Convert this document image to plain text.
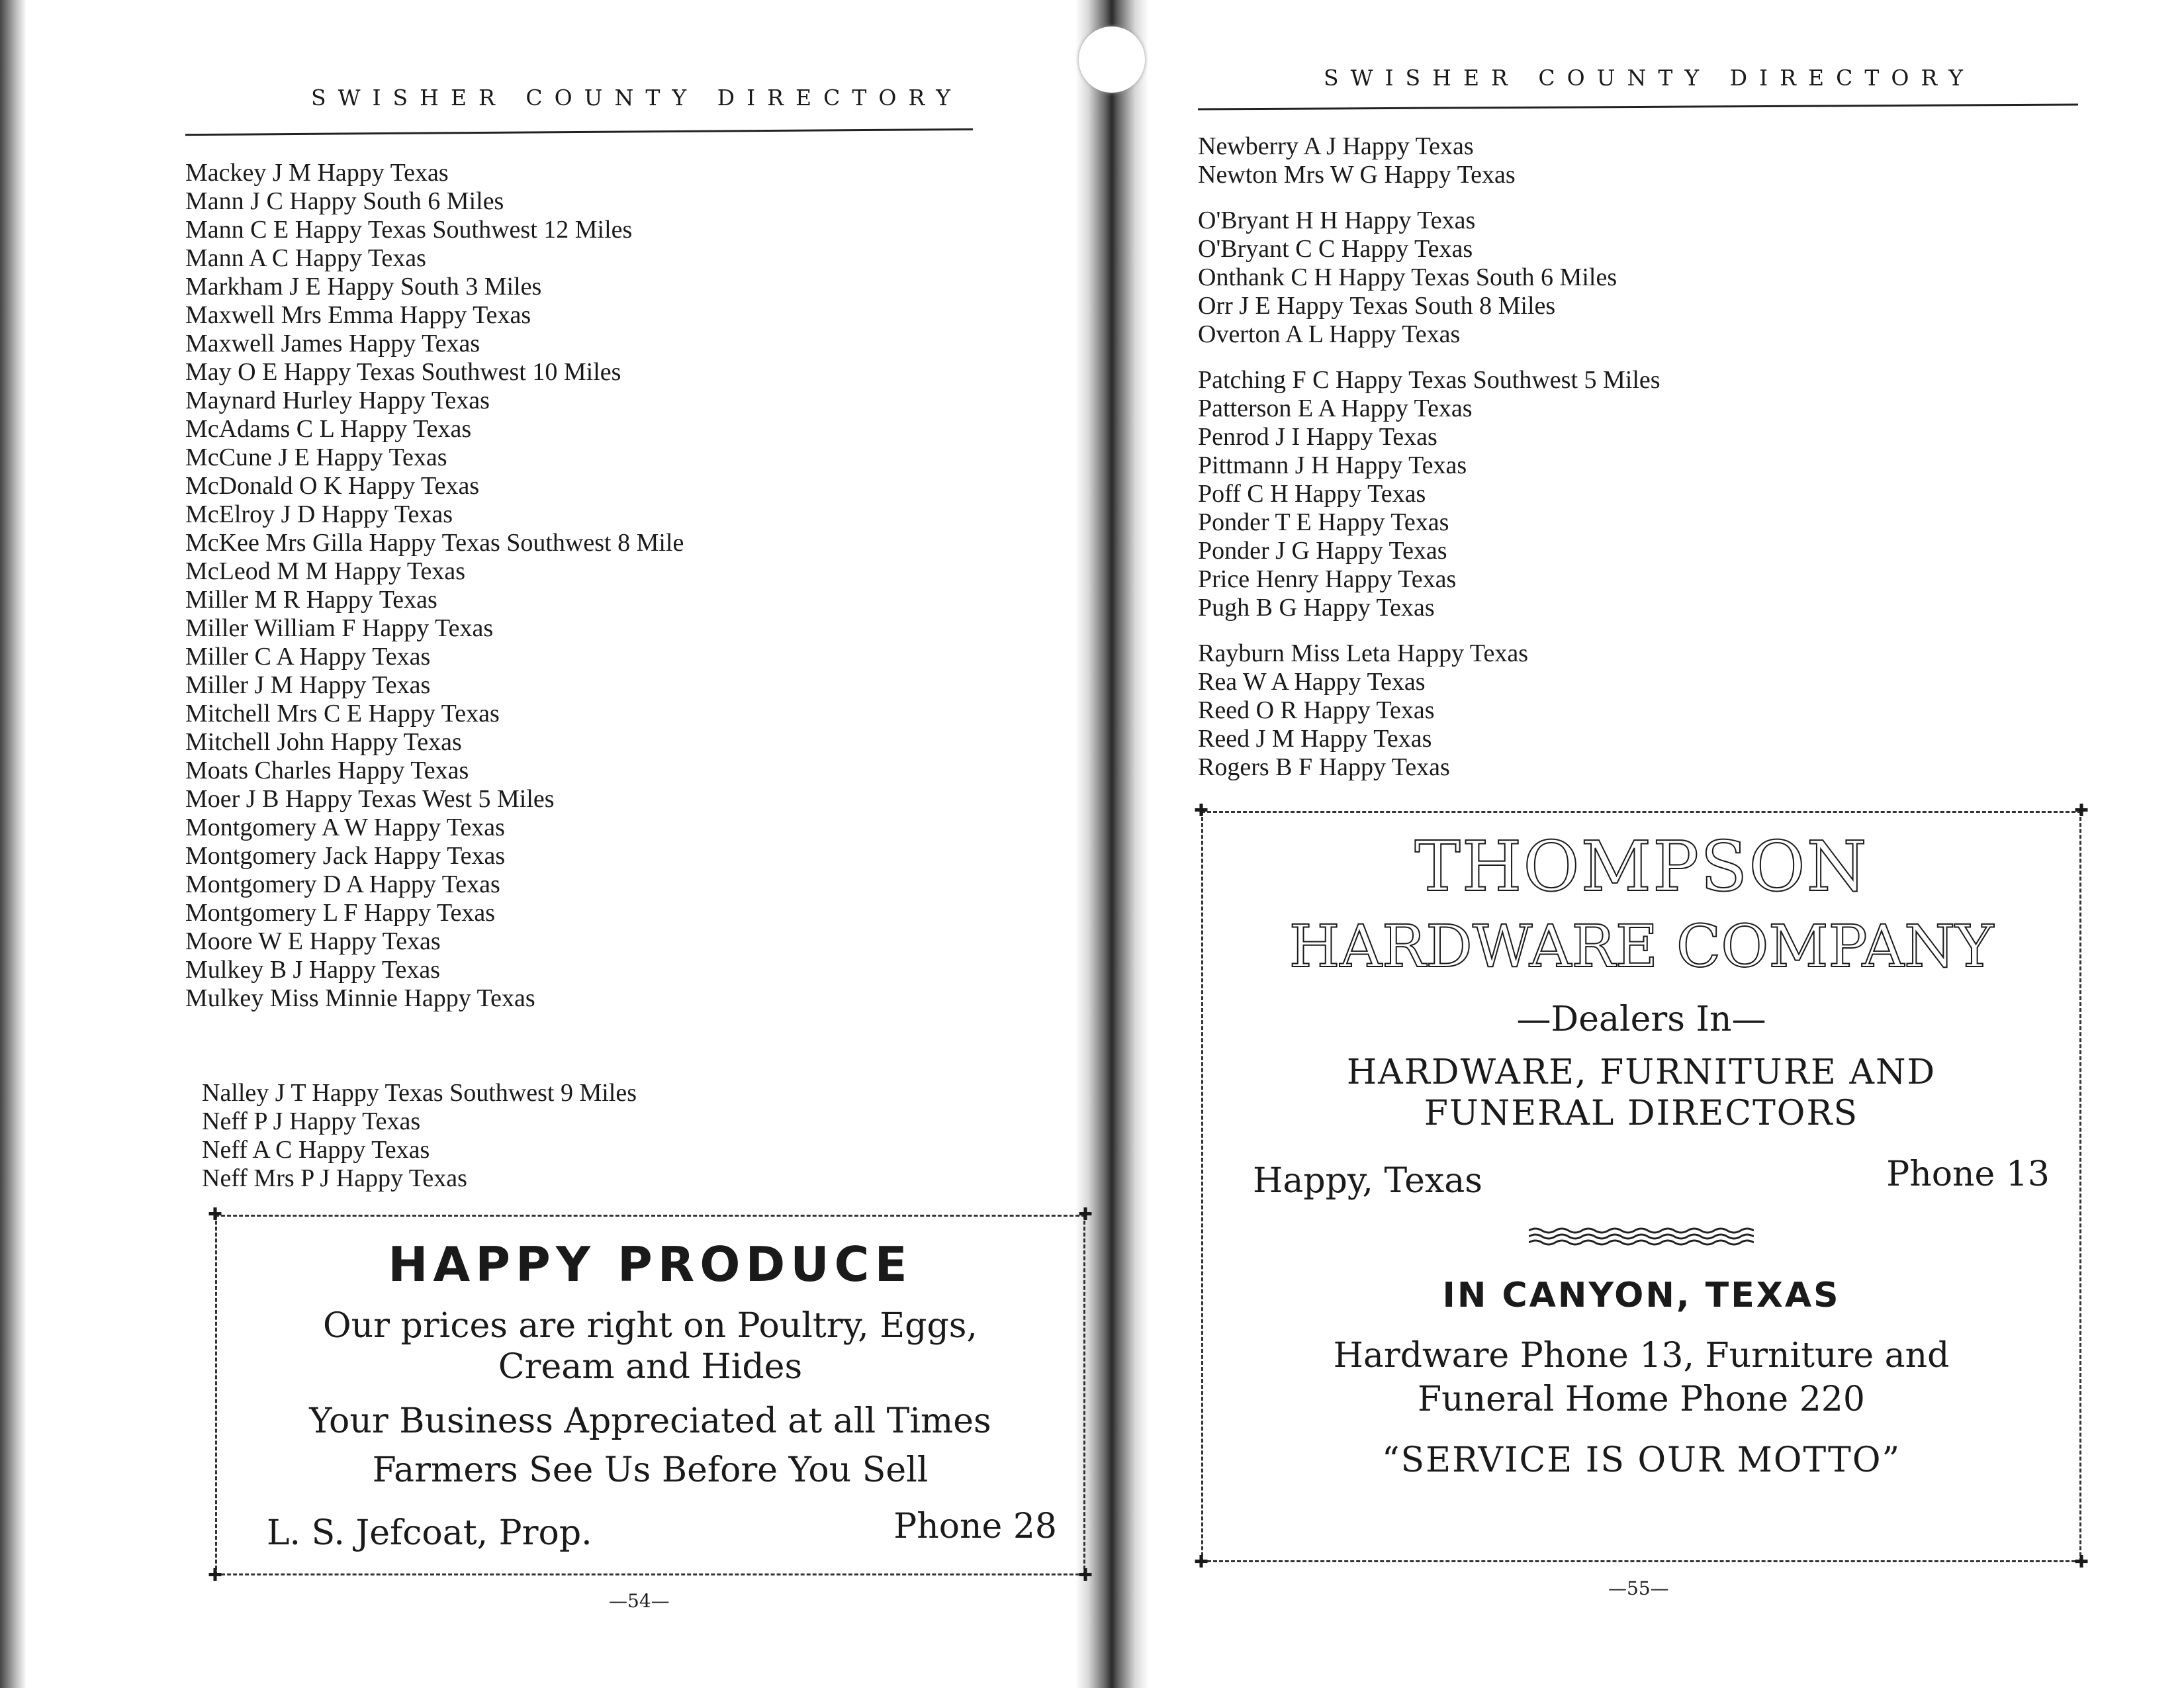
SWISHER COUNTY DIRECTORY
Mackey J M Happy Texas
Mann J C Happy South 6 Miles
Mann C E Happy Texas Southwest 12 Miles
Mann A C Happy Texas
Markham J E Happy South 3 Miles
Maxwell Mrs Emma Happy Texas
Maxwell James Happy Texas
May O E Happy Texas Southwest 10 Miles
Maynard Hurley Happy Texas
McAdams C L Happy Texas
McCune J E Happy Texas
McDonald O K Happy Texas
McElroy J D Happy Texas
McKee Mrs Gilla Happy Texas Southwest 8 Mile
McLeod M M Happy Texas
Miller M R Happy Texas
Miller William F Happy Texas
Miller C A Happy Texas
Miller J M Happy Texas
Mitchell Mrs C E Happy Texas
Mitchell John Happy Texas
Moats Charles Happy Texas
Moer J B Happy Texas West 5 Miles
Montgomery A W Happy Texas
Montgomery Jack Happy Texas
Montgomery D A Happy Texas
Montgomery L F Happy Texas
Moore W E Happy Texas
Mulkey B J Happy Texas
Mulkey Miss Minnie Happy Texas
Nalley J T Happy Texas Southwest 9 Miles
Neff P J Happy Texas
Neff A C Happy Texas
Neff Mrs P J Happy Texas
HAPPY PRODUCE
Our prices are right on Poultry, Eggs,
Cream and Hides
Your Business Appreciated at all Times
Farmers See Us Before You Sell
L. S. Jefcoat, Prop.	Phone 28
✚	✚
✚	✚
—54—
SWISHER COUNTY DIRECTORY
Newberry A J Happy Texas
Newton Mrs W G Happy Texas
O'Bryant H H Happy Texas
O'Bryant C C Happy Texas
Onthank C H Happy Texas South 6 Miles
Orr J E Happy Texas South 8 Miles
Overton A L Happy Texas
Patching F C Happy Texas Southwest 5 Miles
Patterson E A Happy Texas
Penrod J I Happy Texas
Pittmann J H Happy Texas
Poff C H Happy Texas
Ponder T E Happy Texas
Ponder J G Happy Texas
Price Henry Happy Texas
Pugh B G Happy Texas
Rayburn Miss Leta Happy Texas
Rea W A Happy Texas
Reed O R Happy Texas
Reed J M Happy Texas
Rogers B F Happy Texas
THOMPSON
HARDWARE COMPANY
—Dealers In—
HARDWARE, FURNITURE AND
FUNERAL DIRECTORS
Happy, Texas	Phone 13
IN CANYON, TEXAS
Hardware Phone 13, Furniture and
Funeral Home Phone 220
“SERVICE IS OUR MOTTO”
✚	✚
✚	✚
—55—
